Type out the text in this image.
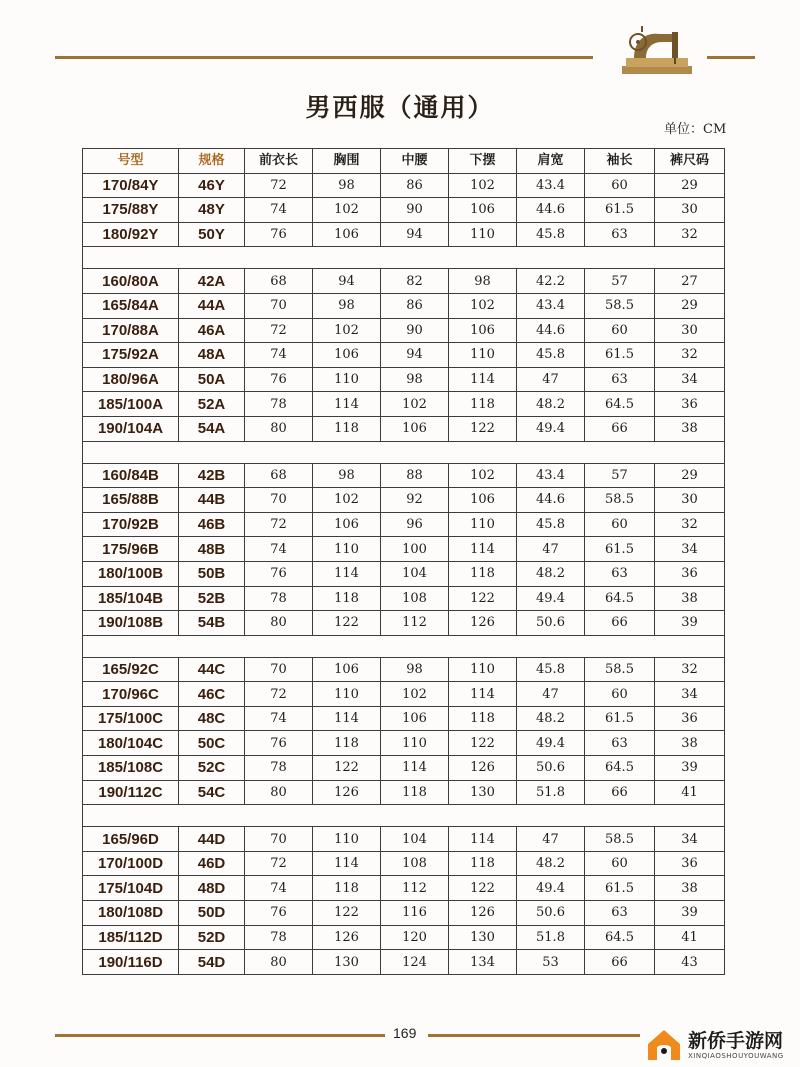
男西服（通用）
单位：CM
号型	规格	前衣长	胸围	中腰	下摆	肩宽	袖长	裤尺码
170/84Y	46Y	72	98	86	102	43.4	60	29
175/88Y	48Y	74	102	90	106	44.6	61.5	30
180/92Y	50Y	76	106	94	110	45.8	63	32

160/80A	42A	68	94	82	98	42.2	57	27
165/84A	44A	70	98	86	102	43.4	58.5	29
170/88A	46A	72	102	90	106	44.6	60	30
175/92A	48A	74	106	94	110	45.8	61.5	32
180/96A	50A	76	110	98	114	47	63	34
185/100A	52A	78	114	102	118	48.2	64.5	36
190/104A	54A	80	118	106	122	49.4	66	38

160/84B	42B	68	98	88	102	43.4	57	29
165/88B	44B	70	102	92	106	44.6	58.5	30
170/92B	46B	72	106	96	110	45.8	60	32
175/96B	48B	74	110	100	114	47	61.5	34
180/100B	50B	76	114	104	118	48.2	63	36
185/104B	52B	78	118	108	122	49.4	64.5	38
190/108B	54B	80	122	112	126	50.6	66	39

165/92C	44C	70	106	98	110	45.8	58.5	32
170/96C	46C	72	110	102	114	47	60	34
175/100C	48C	74	114	106	118	48.2	61.5	36
180/104C	50C	76	118	110	122	49.4	63	38
185/108C	52C	78	122	114	126	50.6	64.5	39
190/112C	54C	80	126	118	130	51.8	66	41

165/96D	44D	70	110	104	114	47	58.5	34
170/100D	46D	72	114	108	118	48.2	60	36
175/104D	48D	74	118	112	122	49.4	61.5	38
180/108D	50D	76	122	116	126	50.6	63	39
185/112D	52D	78	126	120	130	51.8	64.5	41
190/116D	54D	80	130	124	134	53	66	43
169	新侨手游网
XINQIAOSHOUYOUWANG
